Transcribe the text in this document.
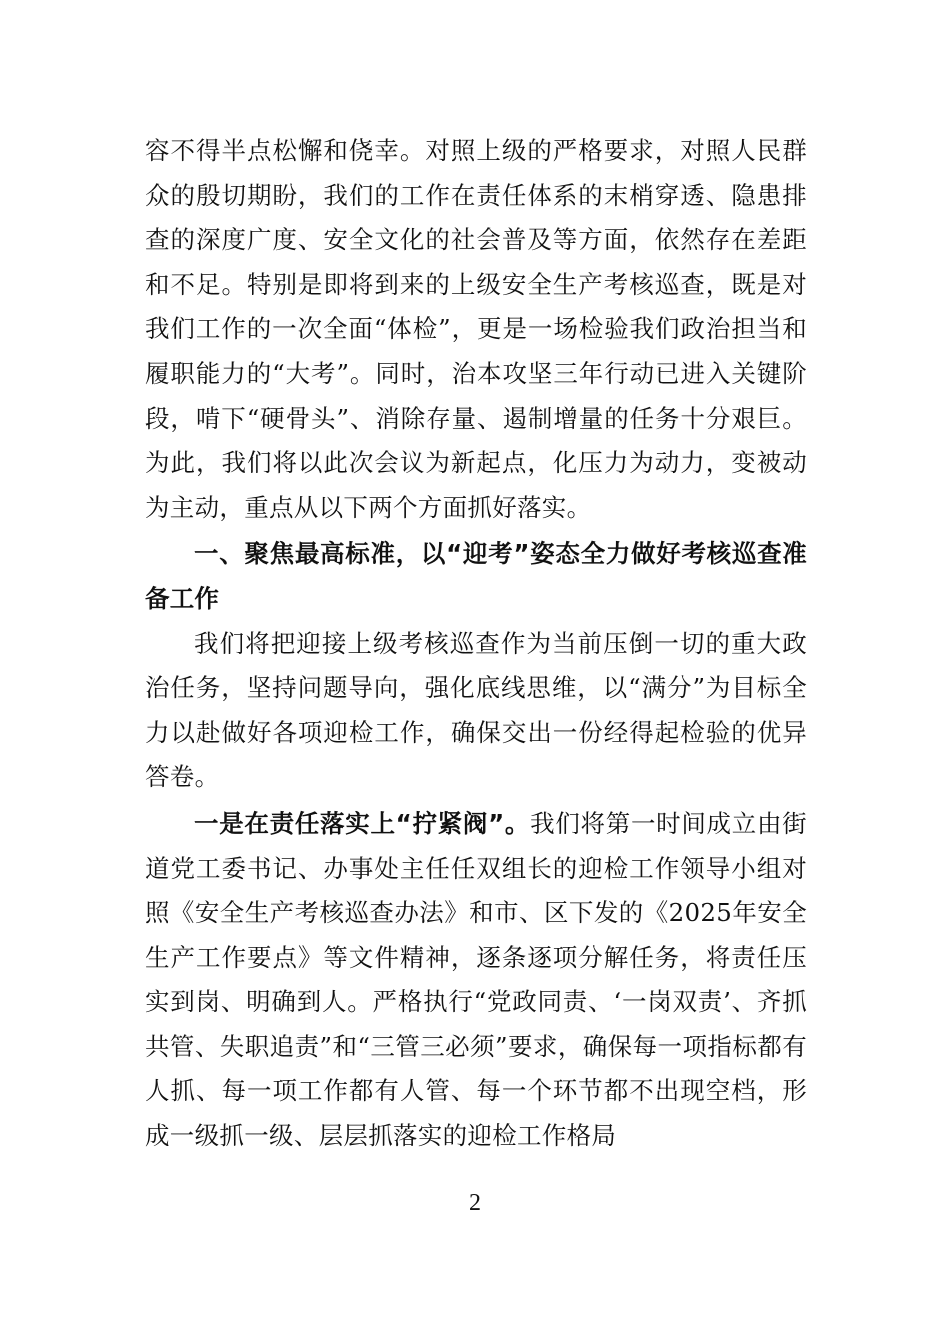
容不得半点松懈和侥幸。对照上级的严格要求，对照人民群众的殷切期盼，我们的工作在责任体系的末梢穿透、隐患排查的深度广度、安全文化的社会普及等方面，依然存在差距和不足。特别是即将到来的上级安全生产考核巡查，既是对我们工作的一次全面“体检”，更是一场检验我们政治担当和履职能力的“大考”。同时，治本攻坚三年行动已进入关键阶段，啃下“硬骨头”、消除存量、遏制增量的任务十分艰巨。为此，我们将以此次会议为新起点，化压力为动力，变被动为主动，重点从以下两个方面抓好落实。

一、聚焦最高标准，以“迎考”姿态全力做好考核巡查准备工作

我们将把迎接上级考核巡查作为当前压倒一切的重大政治任务，坚持问题导向，强化底线思维，以“满分”为目标全力以赴做好各项迎检工作，确保交出一份经得起检验的优异答卷。

一是在责任落实上“拧紧阀”。我们将第一时间成立由街道党工委书记、办事处主任任双组长的迎检工作领导小组对照《安全生产考核巡查办法》和市、区下发的《2025年安全生产工作要点》等文件精神，逐条逐项分解任务，将责任压实到岗、明确到人。严格执行“党政同责、‘一岗双责’、齐抓共管、失职追责”和“三管三必须”要求，确保每一项指标都有人抓、每一项工作都有人管、每一个环节都不出现空档，形成一级抓一级、层层抓落实的迎检工作格局

2
